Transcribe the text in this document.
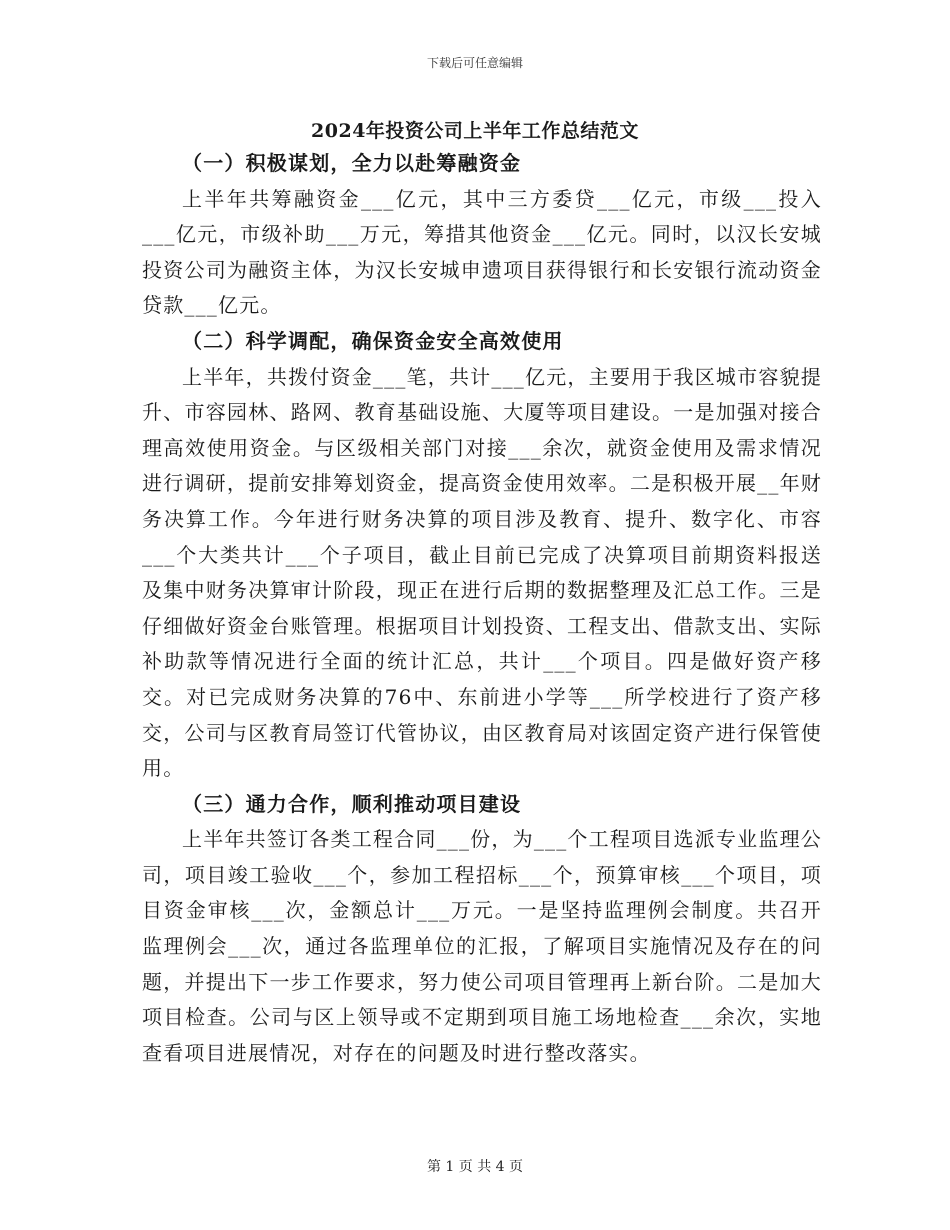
下载后可任意编辑
2024年投资公司上半年工作总结范文

（一）积极谋划，全力以赴筹融资金

上半年共筹融资金___亿元，其中三方委贷___亿元，市级___投入___亿元，市级补助___万元，筹措其他资金___亿元。同时，以汉长安城投资公司为融资主体，为汉长安城申遗项目获得银行和长安银行流动资金贷款___亿元。

（二）科学调配，确保资金安全高效使用

上半年，共拨付资金___笔，共计___亿元，主要用于我区城市容貌提升、市容园林、路网、教育基础设施、大厦等项目建设。一是加强对接合理高效使用资金。与区级相关部门对接___余次，就资金使用及需求情况进行调研，提前安排筹划资金，提高资金使用效率。二是积极开展__年财务决算工作。今年进行财务决算的项目涉及教育、提升、数字化、市容___个大类共计___个子项目，截止目前已完成了决算项目前期资料报送及集中财务决算审计阶段，现正在进行后期的数据整理及汇总工作。三是仔细做好资金台账管理。根据项目计划投资、工程支出、借款支出、实际补助款等情况进行全面的统计汇总，共计___个项目。四是做好资产移交。对已完成财务决算的76中、东前进小学等___所学校进行了资产移交，公司与区教育局签订代管协议，由区教育局对该固定资产进行保管使用。

（三）通力合作，顺利推动项目建设

上半年共签订各类工程合同___份，为___个工程项目选派专业监理公司，项目竣工验收___个，参加工程招标___个，预算审核___个项目，项目资金审核___次，金额总计___万元。一是坚持监理例会制度。共召开监理例会___次，通过各监理单位的汇报，了解项目实施情况及存在的问题，并提出下一步工作要求，努力使公司项目管理再上新台阶。二是加大项目检查。公司与区上领导或不定期到项目施工场地检查___余次，实地查看项目进展情况，对存在的问题及时进行整改落实。

第 1 页 共 4 页
